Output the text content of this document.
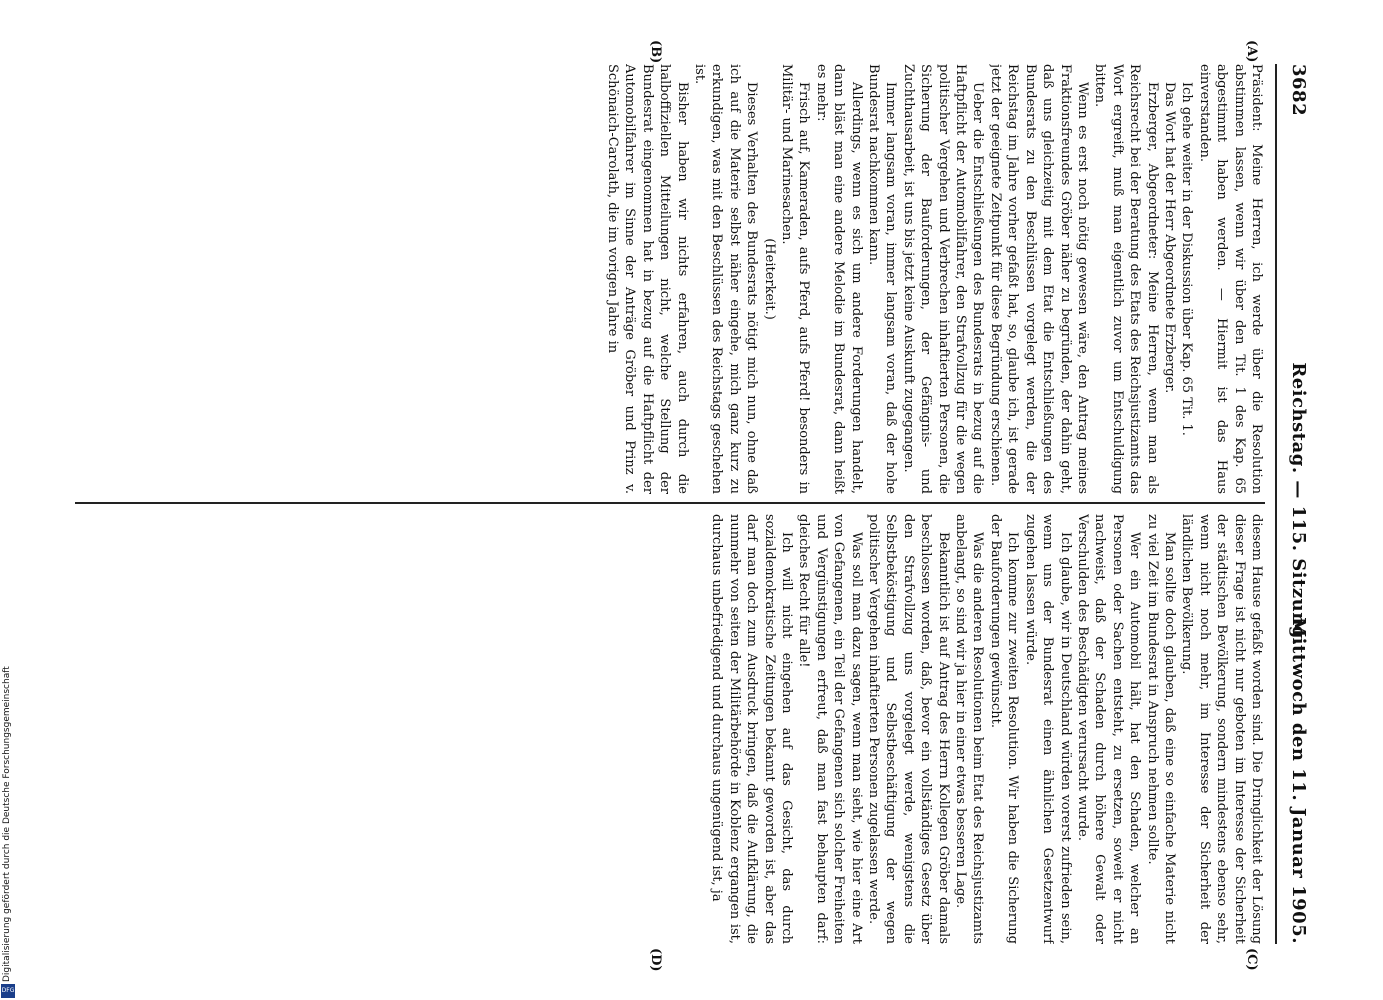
3682
Reichstag. — 115. Sitzung.
Mittwoch den 11. Januar 1905.
(A)
(B)
(C)
(D)

Präsident: Meine Herren, ich werde über die Resolution abstimmen lassen, wenn wir über den Tit. 1 des Kap. 65 abgestimmt haben werden. — Hiermit ist das Haus einverstanden.

Ich gehe weiter in der Diskussion über Kap. 65 Tit. 1.

Das Wort hat der Herr Abgeordnete Erzberger.

Erzberger, Abgeordneter: Meine Herren, wenn man als Reichsrecht bei der Beratung des Etats des Reichsjustizamts das Wort ergreift, muß man eigentlich zuvor um Entschuldigung bitten.

Wenn es erst noch nötig gewesen wäre, den Antrag meines Fraktionsfreundes Gröber näher zu begründen, der dahin geht, daß uns gleichzeitig mit dem Etat die Entschließungen des Bundesrats zu den Beschlüssen vorgelegt werden, die der Reichstag im Jahre vorher gefaßt hat, so, glaube ich, ist gerade jetzt der geeignete Zeitpunkt für diese Begründung erschienen.

Ueber die Entschließungen des Bundesrats in bezug auf die Haftpflicht der Automobilfahrer, den Strafvollzug für die wegen politischer Vergehen und Verbrechen inhaftierten Personen, die Sicherung der Bauforderungen, der Gefängnis- und Zuchthausarbeit, ist uns bis jetzt keine Auskunft zugegangen.

Immer langsam voran, immer langsam voran, daß der hohe Bundesrat nachkommen kann.

Allerdings, wenn es sich um andere Forderungen handelt, dann bläst man eine andere Melodie im Bundesrat, dann heißt es mehr:

Frisch auf, Kameraden, aufs Pferd, aufs Pferd! besonders in Militär- und Marinesachen.

(Heiterkeit.)

Dieses Verhalten des Bundesrats nötigt mich nun, ohne daß ich auf die Materie selbst näher eingehe, mich ganz kurz zu erkundigen, was mit den Beschlüssen des Reichstags geschehen ist.

Bisher haben wir nichts erfahren, auch durch die halboffiziellen Mitteilungen nicht, welche Stellung der Bundesrat eingenommen hat in bezug auf die Haftpflicht der Automobilfahrer im Sinne der Anträge Gröber und Prinz v. Schönaich-Carolath, die im vorigen Jahre in

diesem Hause gefaßt worden sind. Die Dringlichkeit der Lösung dieser Frage ist nicht nur geboten im Interesse der Sicherheit der städtischen Bevölkerung, sondern mindestens ebenso sehr, wenn nicht noch mehr, im Interesse der Sicherheit der ländlichen Bevölkerung.

Man sollte doch glauben, daß eine so einfache Materie nicht zu viel Zeit im Bundesrat in Anspruch nehmen sollte.

Wer ein Automobil hält, hat den Schaden, welcher an Personen oder Sachen entsteht, zu ersetzen, soweit er nicht nachweist, daß der Schaden durch höhere Gewalt oder Verschulden des Beschädigten verursacht wurde.

Ich glaube, wir in Deutschland würden vorerst zufrieden sein, wenn uns der Bundesrat einen ähnlichen Gesetzentwurf zugehen lassen würde.

Ich komme zur zweiten Resolution. Wir haben die Sicherung der Bauforderungen gewünscht.

Was die anderen Resolutionen beim Etat des Reichsjustizamts anbelangt, so sind wir ja hier in einer etwas besseren Lage.

Bekanntlich ist auf Antrag des Herrn Kollegen Gröber damals beschlossen worden, daß, bevor ein vollständiges Gesetz über den Strafvollzug uns vorgelegt werde, wenigstens die Selbstbeköstigung und Selbstbeschäftigung der wegen politischer Vergehen inhaftierten Personen zugelassen werde.

Was soll man dazu sagen, wenn man sieht, wie hier eine Art von Gefangenen, ein Teil der Gefangenen sich solcher Freiheiten und Vergünstigungen erfreut, daß man fast behaupten darf: gleiches Recht für alle!

Ich will nicht eingehen auf das Gesicht, das durch sozialdemokratische Zeitungen bekannt geworden ist, aber das darf man doch zum Ausdruck bringen, daß die Aufklärung, die nunmehr von seiten der Militärbehörde in Koblenz ergangen ist, durchaus unbefriedigend und durchaus ungenügend ist, ja

Digitalisierung gefördert durch die Deutsche Forschungsgemeinschaft
DFG
